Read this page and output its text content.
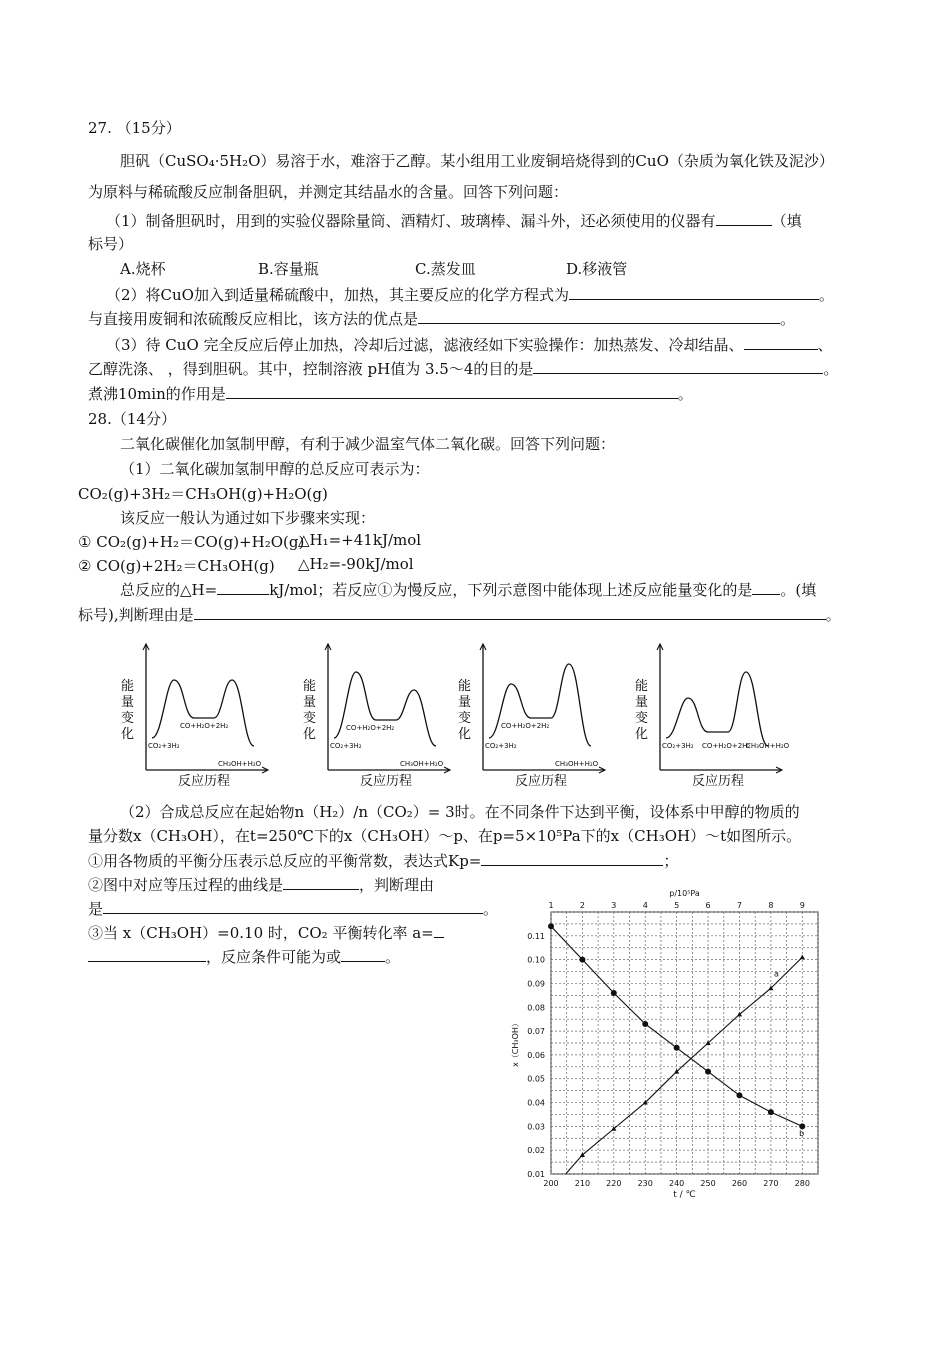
27. （15分）
胆矾（CuSO₄·5H₂O）易溶于水，难溶于乙醇。某小组用工业废铜培烧得到的CuO（杂质为氧化铁及泥沙）
为原料与稀硫酸反应制备胆矾，并测定其结晶水的含量。回答下列问题：
（1）制备胆矾时，用到的实验仪器除量筒、酒精灯、玻璃棒、漏斗外，还必须使用的仪器有	（填
标号）
A.烧杯	B.容量瓶	C.蒸发皿	D.移液管
（2）将CuO加入到适量稀硫酸中，加热，其主要反应的化学方程式为	。
与直接用废铜和浓硫酸反应相比，该方法的优点是	。
（3）待 CuO 完全反应后停止加热，冷却后过滤，滤液经如下实验操作：加热蒸发、冷却结晶、	、
乙醇洗涤、 ，得到胆矾。其中，控制溶液 pH值为 3.5～4的目的是	。
煮沸10min的作用是	。
28.（14分）
二氧化碳催化加氢制甲醇，有利于减少温室气体二氧化碳。回答下列问题：
（1）二氧化碳加氢制甲醇的总反应可表示为：
CO₂(g)+3H₂＝CH₃OH(g)+H₂O(g)
该反应一般认为通过如下步骤来实现：
① CO₂(g)+H₂＝CO(g)+H₂O(g)
△H₁=+41kJ/mol
② CO(g)+2H₂＝CH₃OH(g) △H₂=-90kJ/mol
总反应的△H=	kJ/mol；若反应①为慢反应，下列示意图中能体现上述反应能量变化的是 。(填
标号),判断理由是	。
CO₂+3H₂
CO+H₂O+2H₂
CH₃OH+H₂O
能
量
变
化
反应历程
CO₂+3H₂
CO+H₂O+2H₂
CH₃OH+H₂O
能
量
变
化
反应历程
CO₂+3H₂
CO+H₂O+2H₂
CH₃OH+H₂O
能
量
变
化
反应历程
CO₂+3H₂ CO+H₂O+2H₂
CH₃OH+H₂O
能
量
变
化
反应历程
（2）合成总反应在起始物n（H₂）/n（CO₂）= 3时。在不同条件下达到平衡，设体系中甲醇的物质的
量分数x（CH₃OH），在t=250℃下的x（CH₃OH）～p、在p=5×10⁵Pa下的x（CH₃OH）～t如图所示。
①用各物质的平衡分压表示总反应的平衡常数，表达式Kp=	；
②图中对应等压过程的曲线是	，判断理由
是	。
③当 x（CH₃OH）=0.10 时，CO₂ 平衡转化率 a=
，反应条件可能为或	。
200 210 220 230 240 250 260 270 280
1	2	3	4	5	6	7	8	9
0.01
0.02
0.03
0.04
0.05
0.06
0.07
0.08
0.09
0.10
0.11
p/10⁵Pa
t / ℃
x（CH₃OH）
a
b
